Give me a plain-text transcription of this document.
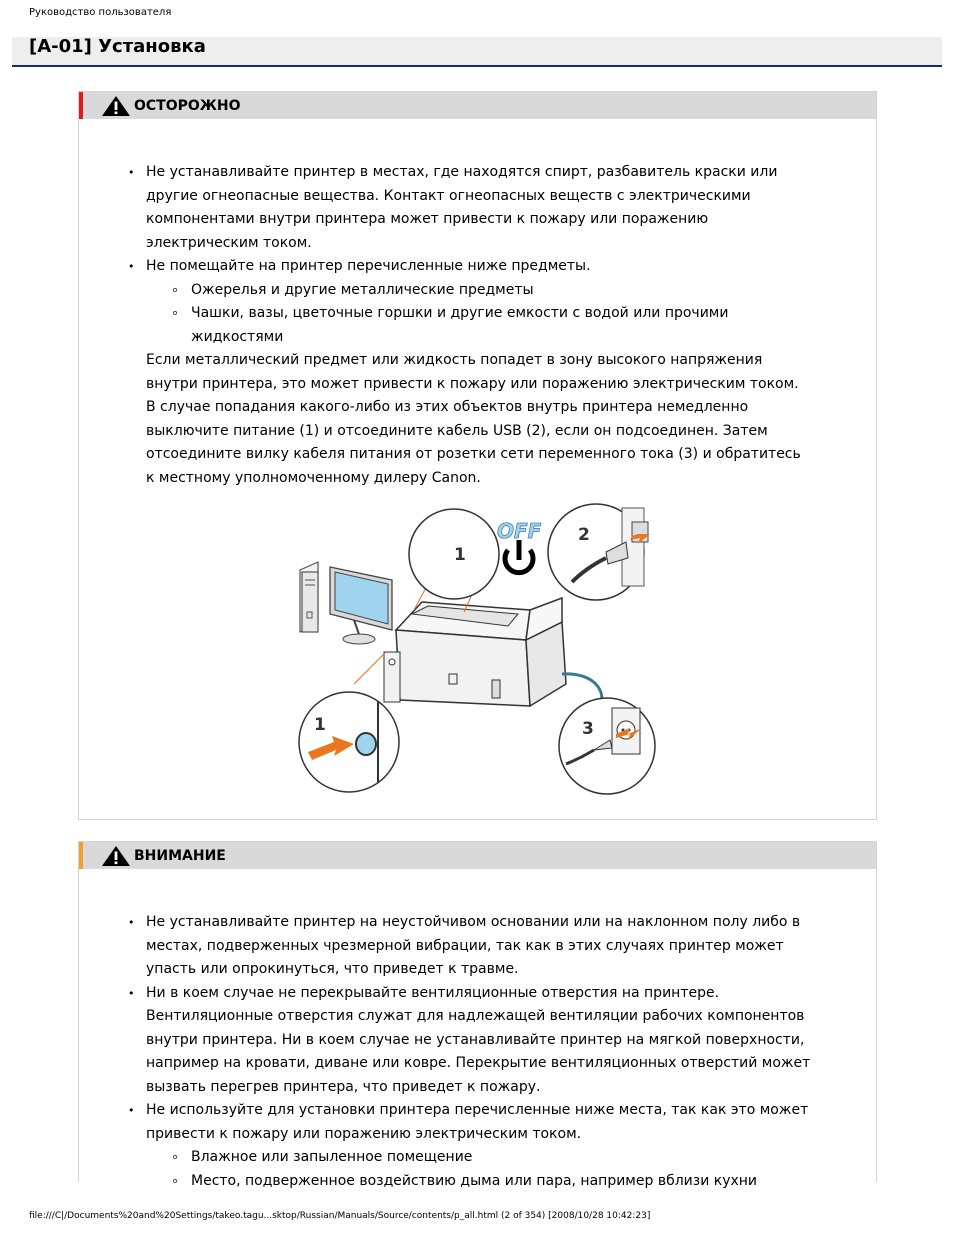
Руководство пользователя
[A-01] Установка
ОСТОРОЖНО
• Не устанавливайте принтер в местах, где находятся спирт, разбавитель краски или другие огнеопасные вещества. Контакт огнеопасных веществ с электрическими компонентами внутри принтера может привести к пожару или поражению электрическим током.
• Не помещайте на принтер перечисленные ниже предметы.
∘ Ожерелья и другие металлические предметы
∘ Чашки, вазы, цветочные горшки и другие емкости с водой или прочими жидкостями

Если металлический предмет или жидкость попадет в зону высокого напряжения внутри принтера, это может привести к пожару или поражению электрическим током.

В случае попадания какого-либо из этих объектов внутрь принтера немедленно выключите питание (1) и отсоедините кабель USB (2), если он подсоединен. Затем отсоедините вилку кабеля питания от розетки сети переменного тока (3) и обратитесь к местному уполномоченному дилеру Canon.

1
OFF 2
1	3
ВНИМАНИЕ
• Не устанавливайте принтер на неустойчивом основании или на наклонном полу либо в местах, подверженных чрезмерной вибрации, так как в этих случаях принтер может упасть или опрокинуться, что приведет к травме.
• Ни в коем случае не перекрывайте вентиляционные отверстия на принтере. Вентиляционные отверстия служат для надлежащей вентиляции рабочих компонентов внутри принтера. Ни в коем случае не устанавливайте принтер на мягкой поверхности, например на кровати, диване или ковре. Перекрытие вентиляционных отверстий может вызвать перегрев принтера, что приведет к пожару.
• Не используйте для установки принтера перечисленные ниже места, так как это может привести к пожару или поражению электрическим током.
∘ Влажное или запыленное помещение
∘ Место, подверженное воздействию дыма или пара, например вблизи кухни
file:///C|/Documents%20and%20Settings/takeo.tagu...sktop/Russian/Manuals/Source/contents/p_all.html (2 of 354) [2008/10/28 10:42:23]
